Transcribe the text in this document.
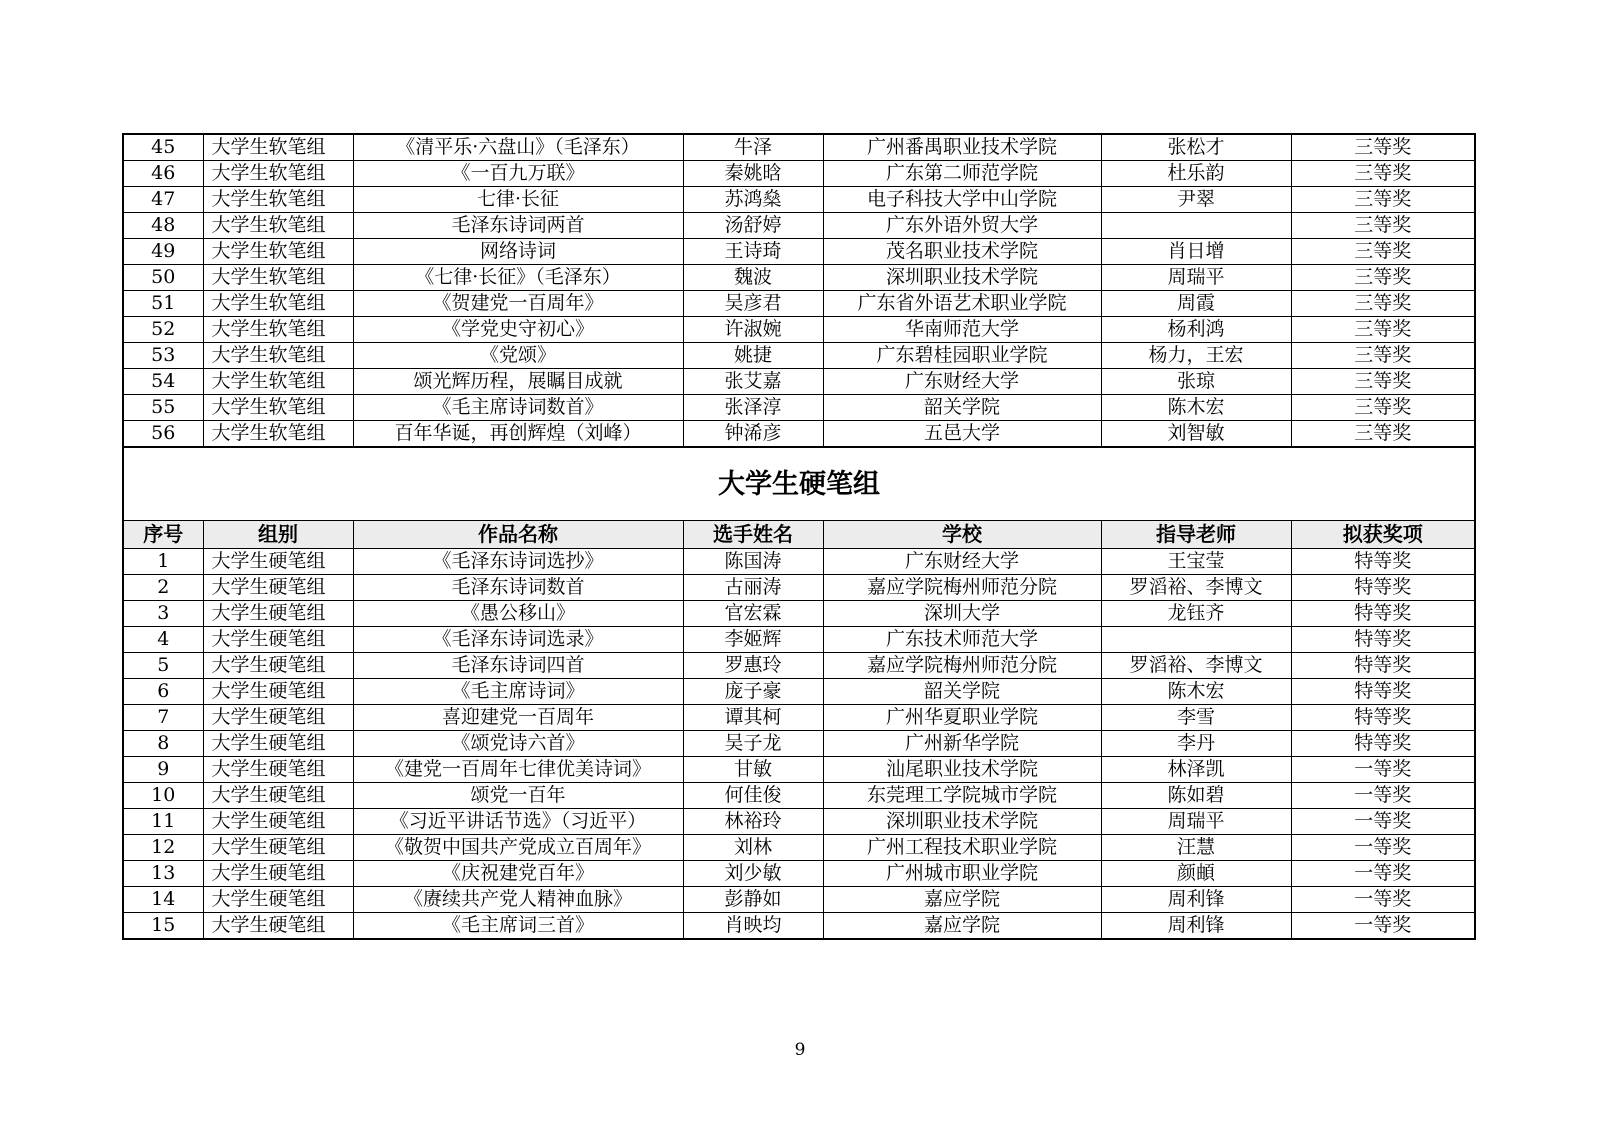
45	大学生软笔组	《清平乐·六盘山》（毛泽东）	牛泽	广州番禺职业技术学院	张松才	三等奖
46	大学生软笔组	《一百九万联》	秦姚晗	广东第二师范学院	杜乐韵	三等奖
47	大学生软笔组	七律·长征	苏鸿燊	电子科技大学中山学院	尹翠	三等奖
48	大学生软笔组	毛泽东诗词两首	汤舒婷	广东外语外贸大学		三等奖
49	大学生软笔组	网络诗词	王诗琦	茂名职业技术学院	肖日增	三等奖
50	大学生软笔组	《七律·长征》（毛泽东）	魏波	深圳职业技术学院	周瑞平	三等奖
51	大学生软笔组	《贺建党一百周年》	吴彦君	广东省外语艺术职业学院	周霞	三等奖
52	大学生软笔组	《学党史守初心》	许淑婉	华南师范大学	杨利鸿	三等奖
53	大学生软笔组	《党颂》	姚捷	广东碧桂园职业学院	杨力，王宏	三等奖
54	大学生软笔组	颂光辉历程，展瞩目成就	张艾嘉	广东财经大学	张琼	三等奖
55	大学生软笔组	《毛主席诗词数首》	张泽淳	韶关学院	陈木宏	三等奖
56	大学生软笔组	百年华诞，再创辉煌（刘峰）	钟浠彦	五邑大学	刘智敏	三等奖
大学生硬笔组						
序号	组别	作品名称	选手姓名	学校	指导老师	拟获奖项
1	大学生硬笔组	《毛泽东诗词选抄》	陈国涛	广东财经大学	王宝莹	特等奖
2	大学生硬笔组	毛泽东诗词数首	古丽涛	嘉应学院梅州师范分院	罗滔裕、李博文	特等奖
3	大学生硬笔组	《愚公移山》	官宏霖	深圳大学	龙钰齐	特等奖
4	大学生硬笔组	《毛泽东诗词选录》	李姬辉	广东技术师范大学		特等奖
5	大学生硬笔组	毛泽东诗词四首	罗惠玲	嘉应学院梅州师范分院	罗滔裕、李博文	特等奖
6	大学生硬笔组	《毛主席诗词》	庞子豪	韶关学院	陈木宏	特等奖
7	大学生硬笔组	喜迎建党一百周年	谭其柯	广州华夏职业学院	李雪	特等奖
8	大学生硬笔组	《颂党诗六首》	吴子龙	广州新华学院	李丹	特等奖
9	大学生硬笔组	《建党一百周年七律优美诗词》	甘敏	汕尾职业技术学院	林泽凯	一等奖
10	大学生硬笔组	颂党一百年	何佳俊	东莞理工学院城市学院	陈如碧	一等奖
11	大学生硬笔组	《习近平讲话节选》（习近平）	林裕玲	深圳职业技术学院	周瑞平	一等奖
12	大学生硬笔组	《敬贺中国共产党成立百周年》	刘林	广州工程技术职业学院	汪慧	一等奖
13	大学生硬笔组	《庆祝建党百年》	刘少敏	广州城市职业学院	颜頔	一等奖
14	大学生硬笔组	《赓续共产党人精神血脉》	彭静如	嘉应学院	周利锋	一等奖
15	大学生硬笔组	《毛主席词三首》	肖映均	嘉应学院	周利锋	一等奖
9
